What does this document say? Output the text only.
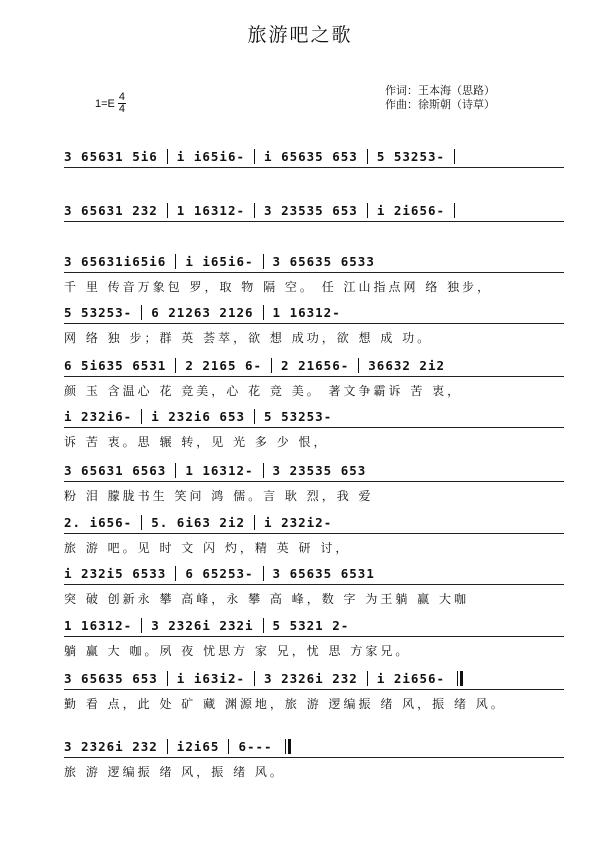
旅游吧之歌
$1=E \frac{4}{4}$
作词：王本海（思路）
作曲：徐斯朝（诗草）
3 65631 5i6 i i65i6- i 65635 653 5 53253-
3 65631 232 1 16312- 3 23535 653 i 2i656-
3 65631i65i6 i i65i6- 3 65635 6533
千 里 传音万象包 罗，取 物 隔 空。 任 江山指点网 络 独步，
5 53253- 6 21263 2126 1 16312-
网 络 独 步；群 英 荟萃，欲 想 成功，欲 想 成 功。
6 5i635 6531 2 2165 6- 2 21656- 36632 2i2
颜 玉 含温心 花 竞美，心 花 竞 美。 著文争霸诉 苦 衷，
i 232i6- i 232i6 653 5 53253-
诉 苦 衷。思 辗 转，见 光 多 少 恨，
3 65631 6563 1 16312- 3 23535 653
粉 泪 朦胧书生 笑问 鸿 儒。言 耿 烈，我 爱
2. i656- 5. 6i63 2i2 i 232i2-
旅 游 吧。见 时 文 闪 灼，精 英 研 讨，
i 232i5 6533 6 65253- 3 65635 6531
突 破 创新永 攀 高峰，永 攀 高 峰，数 字 为王躺 赢 大咖
1 16312- 3 2326i 232i 5 5321 2-
躺 赢 大 咖。夙 夜 忧思方 家 兄，忧 思 方家兄。
3 65635 653 i i63i2- 3 2326i 232 i 2i656-
勤 看 点，此 处 矿 藏 渊源地，旅 游 逻编振 绪 风，振 绪 风。
3 2326i 232 i2i65 6---
旅 游 逻编振 绪 风，振 绪 风。
